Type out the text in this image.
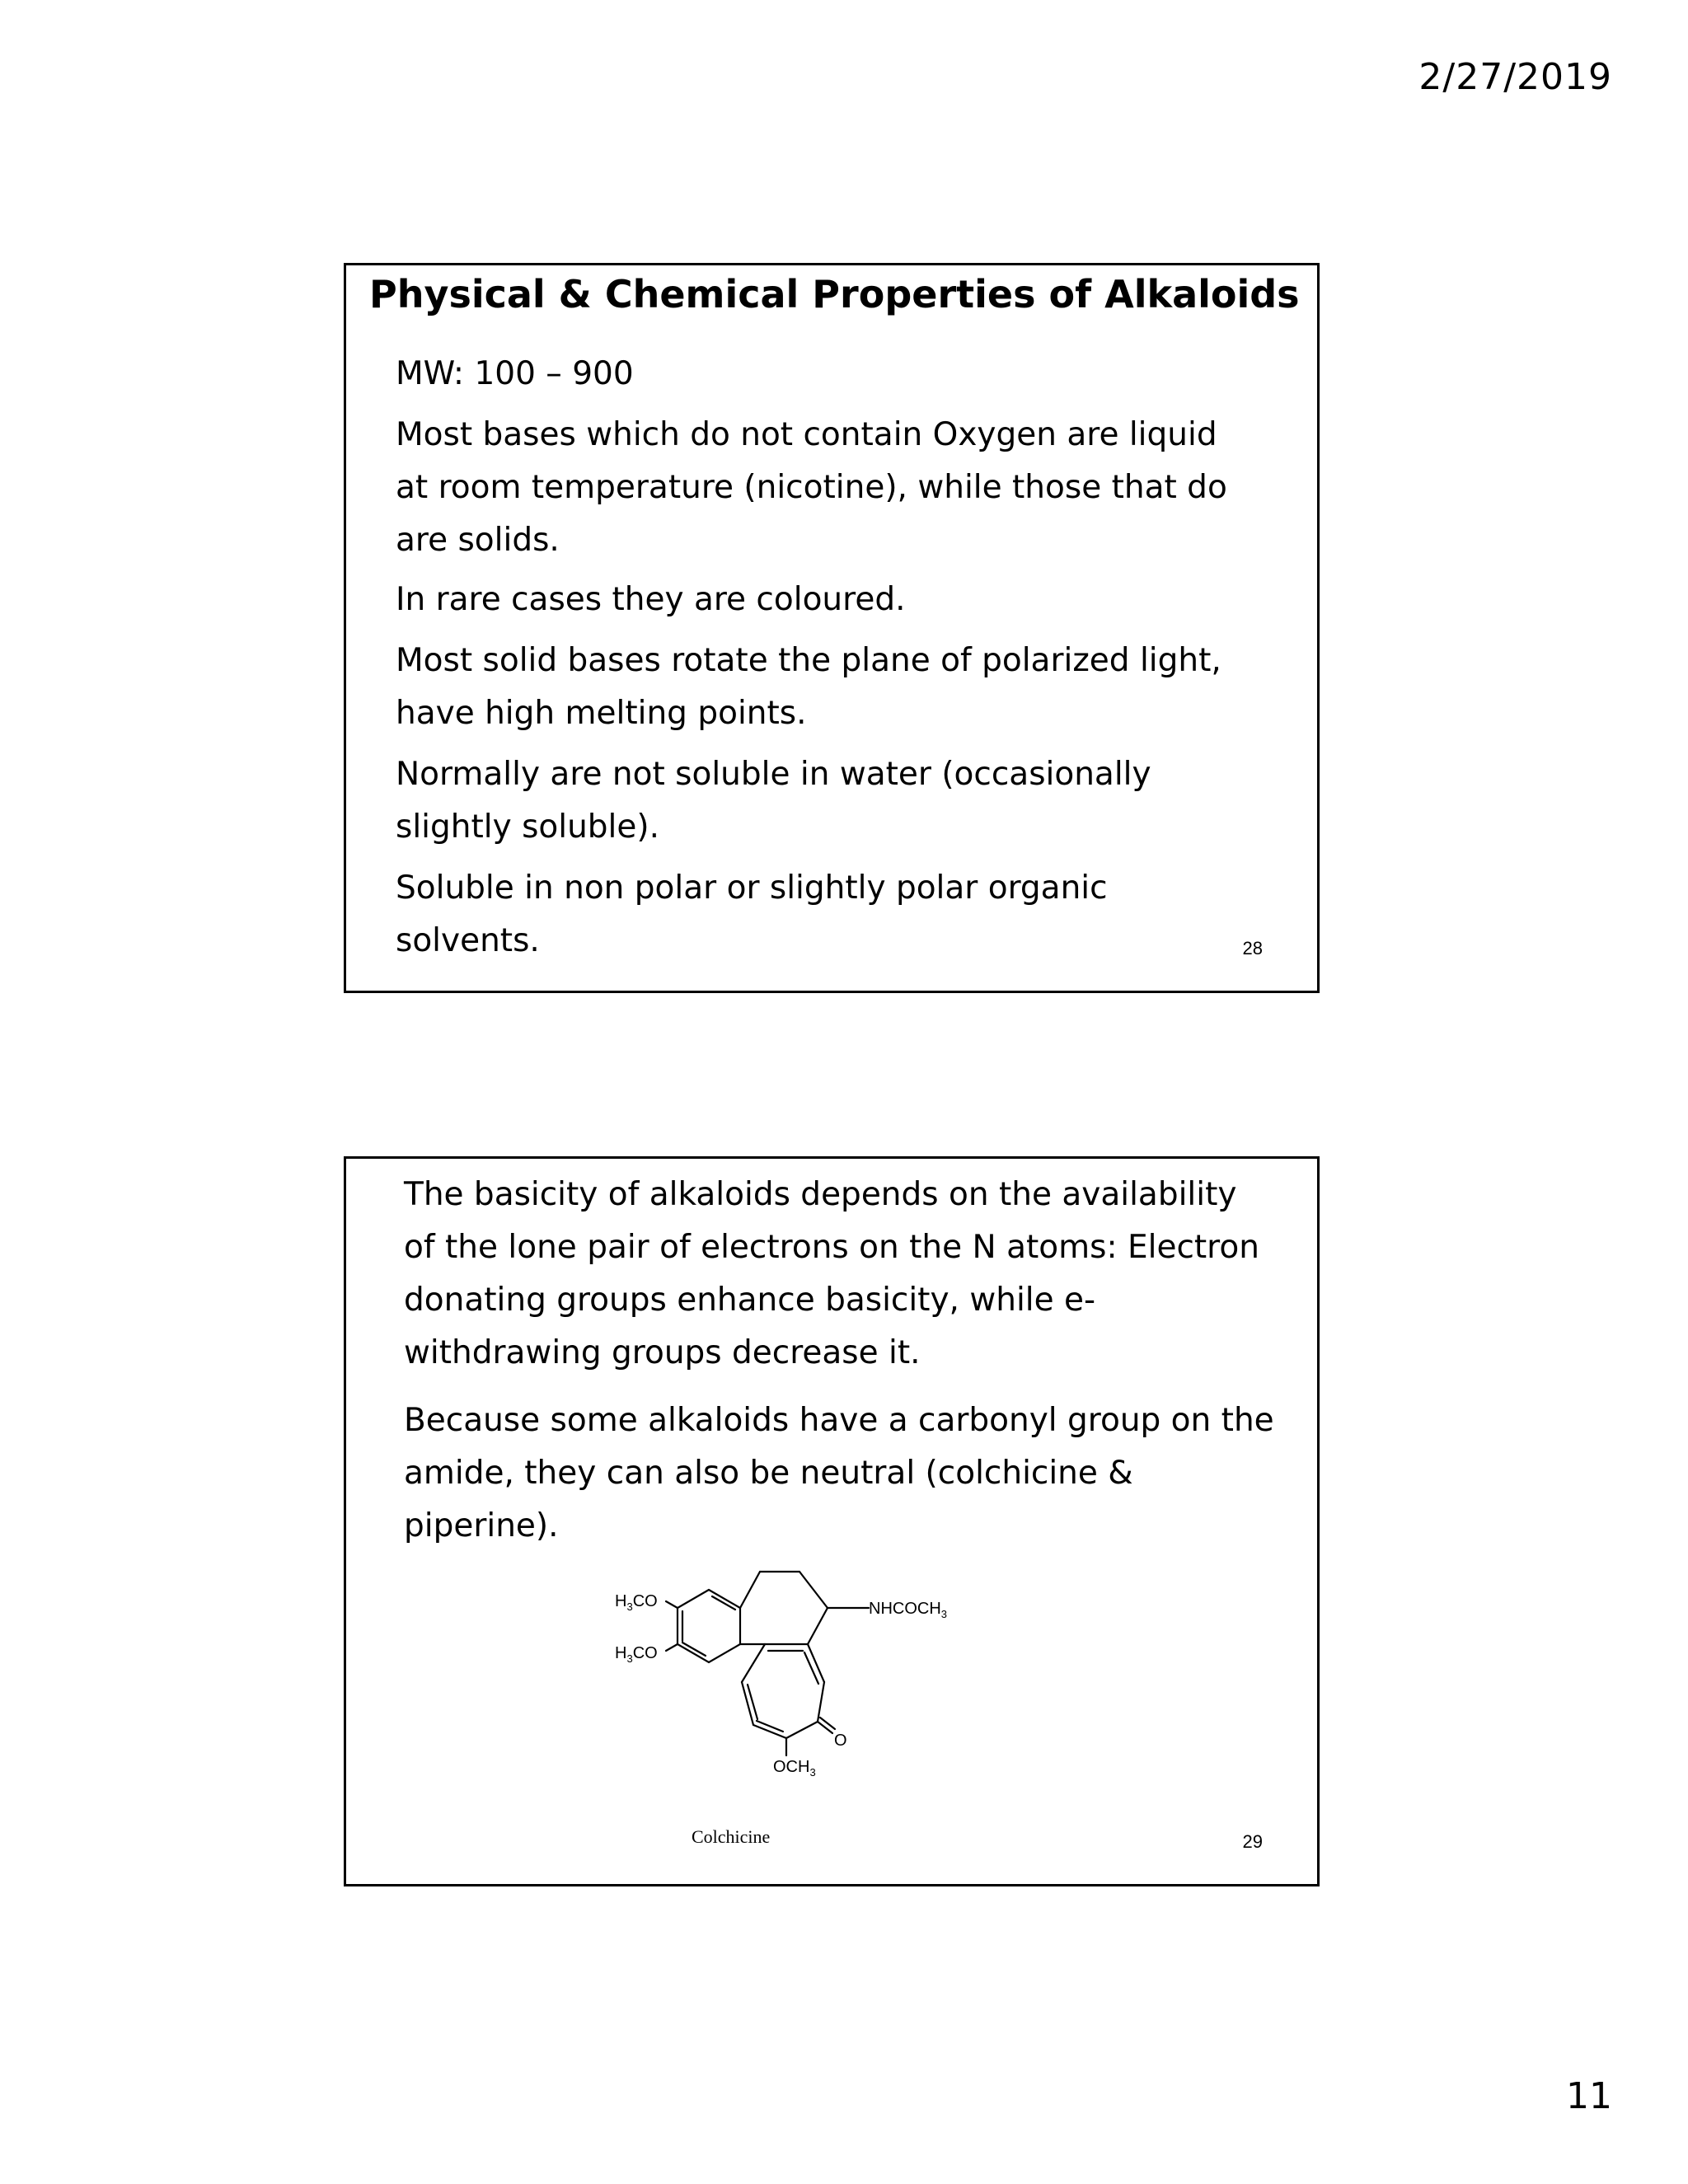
2/27/2019
Physical & Chemical Properties of Alkaloids

MW: 100 – 900

Most bases which do not contain Oxygen are liquid at room temperature (nicotine), while those that do are solids.

In rare cases they are coloured.

Most solid bases rotate the plane of polarized light, have high melting points.

Normally are not soluble in water (occasionally slightly soluble).

Soluble in non polar or slightly polar organic solvents.	28

The basicity of alkaloids depends on the availability of the lone pair of electrons on the N atoms: Electron donating groups enhance basicity, while e-withdrawing groups decrease it.

Because some alkaloids have a carbonyl group on the amide, they can also be neutral (colchicine & piperine).

$H_3CO$
$H_3CO$
$NHCOCH_3$
O
$OCH_3$
Colchicine	29
11
